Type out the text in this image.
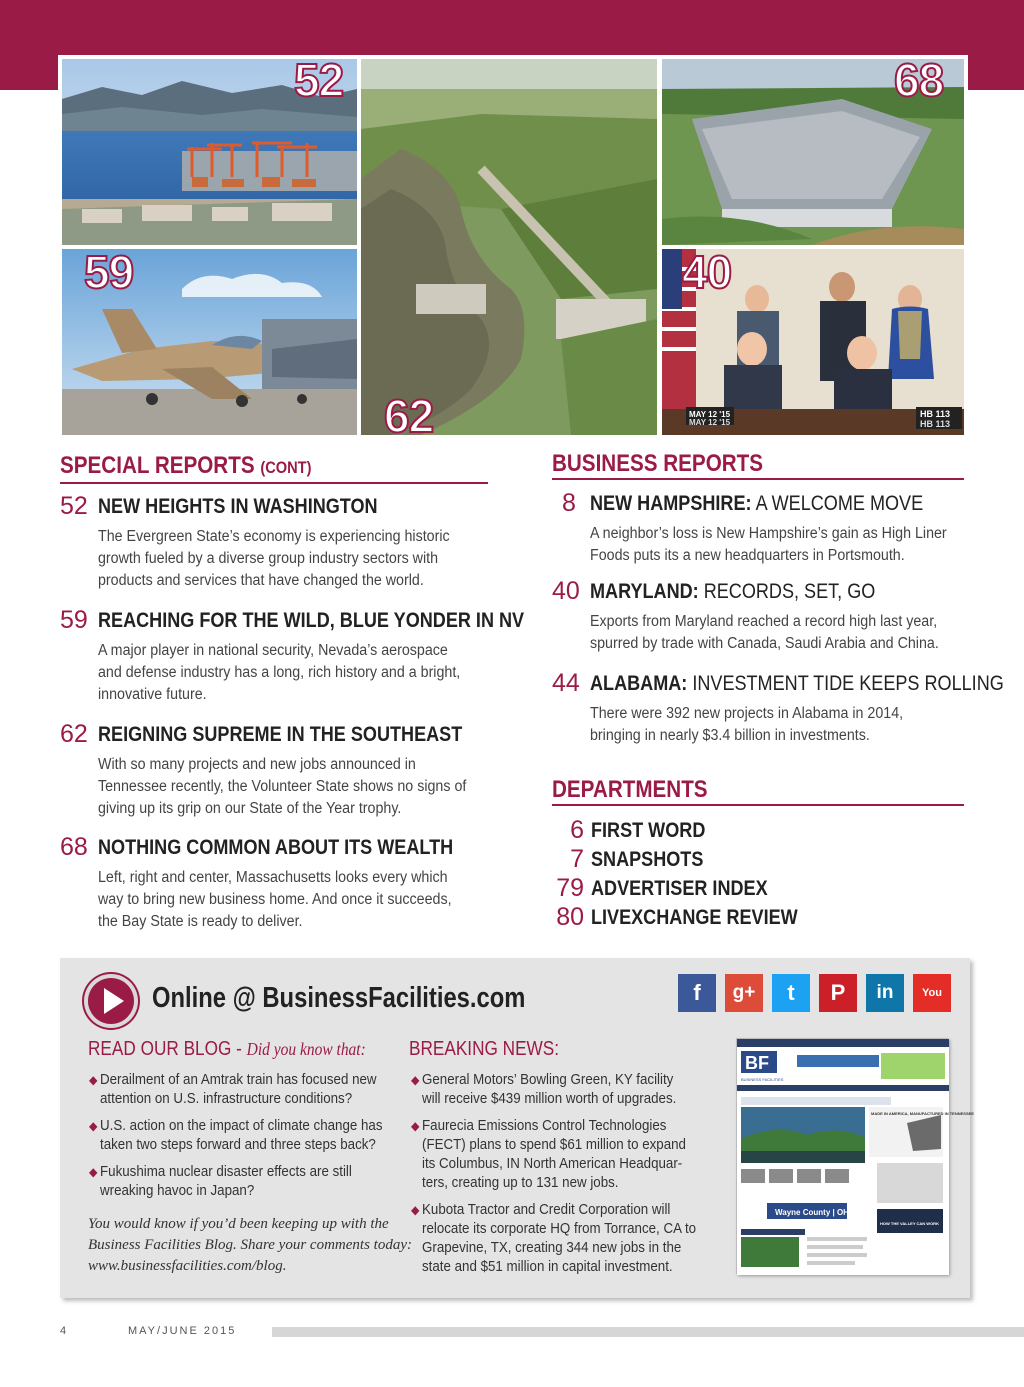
MAY 12 '15
MAY 12 '15
HB 113
HB 113
52	68
59	40
62
SPECIAL REPORTS (CONT)
52 NEW HEIGHTS IN WASHINGTON
The Evergreen State’s economy is experiencing historic
growth fueled by a diverse group industry sectors with
products and services that have changed the world.
59 REACHING FOR THE WILD, BLUE YONDER IN NV
A major player in national security, Nevada’s aerospace
and defense industry has a long, rich history and a bright,
innovative future.
62 REIGNING SUPREME IN THE SOUTHEAST
With so many projects and new jobs announced in
Tennessee recently, the Volunteer State shows no signs of
giving up its grip on our State of the Year trophy.
68 NOTHING COMMON ABOUT ITS WEALTH
Left, right and center, Massachusetts looks every which
way to bring new business home. And once it succeeds,
the Bay State is ready to deliver.
BUSINESS REPORTS
8 NEW HAMPSHIRE: A WELCOME MOVE
A neighbor’s loss is New Hampshire’s gain as High Liner
Foods puts its a new headquarters in Portsmouth.
40 MARYLAND: RECORDS, SET, GO
Exports from Maryland reached a record high last year,
spurred by trade with Canada, Saudi Arabia and China.
44 ALABAMA: INVESTMENT TIDE KEEPS ROLLING
There were 392 new projects in Alabama in 2014,
bringing in nearly $3.4 billion in investments.
DEPARTMENTS
6 FIRST WORD
7 SNAPSHOTS
79 ADVERTISER INDEX
80 LIVEXCHANGE REVIEW
Online @ BusinessFacilities.com	f	g+	t	P	in	You
READ OUR BLOG - Did you know that:
◆ Derailment of an Amtrak train has focused new
attention on U.S. infrastructure conditions?
◆ U.S. action on the impact of climate change has
taken two steps forward and three steps back?
◆ Fukushima nuclear disaster effects are still
wreaking havoc in Japan?
You would know if you’d been keeping up with the
Business Facilities Blog. Share your comments today:
www.businessfacilities.com/blog.
BREAKING NEWS:
◆ General Motors’ Bowling Green, KY facility
will receive $439 million worth of upgrades.
◆ Faurecia Emissions Control Technologies
(FECT) plans to spend $61 million to expand
its Columbus, IN North American Headquar-
ters, creating up to 131 new jobs.
◆ Kubota Tractor and Credit Corporation will
relocate its corporate HQ from Torrance, CA to
Grapevine, TX, creating 344 new jobs in the
state and $51 million in capital investment.
BF
BUSINESS FACILITIES
MADE IN AMERICA, MANUFACTURED IN TENNESSEE
Wayne County | OHIO
HOW THE VALLEY CAN WORK
4	MAY/JUNE 2015
